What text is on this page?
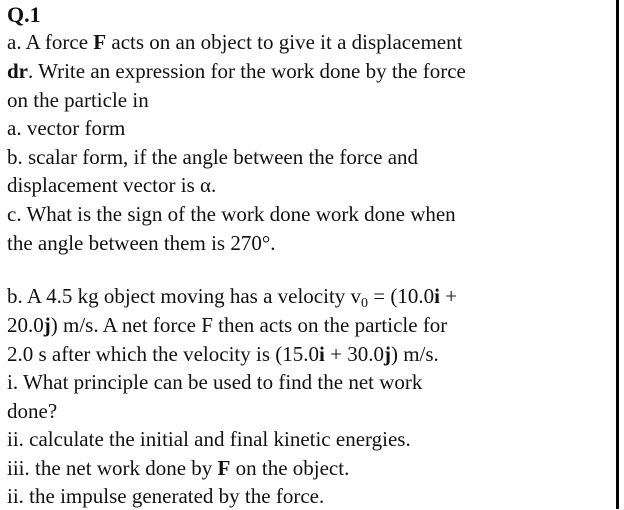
Q.1
a. A force F acts on an object to give it a displacement
dr. Write an expression for the work done by the force
on the particle in
a. vector form
b. scalar form, if the angle between the force and
displacement vector is α.
c. What is the sign of the work done work done when
the angle between them is 270°.
b. A 4.5 kg object moving has a velocity $v_0 = (10.0i$ +
20.0j) m/s. A net force F then acts on the particle for
2.0 s after which the velocity is (15.0i + 30.0j) m/s.
i. What principle can be used to find the net work
done?
ii. calculate the initial and final kinetic energies.
iii. the net work done by F on the object.
ii. the impulse generated by the force.
